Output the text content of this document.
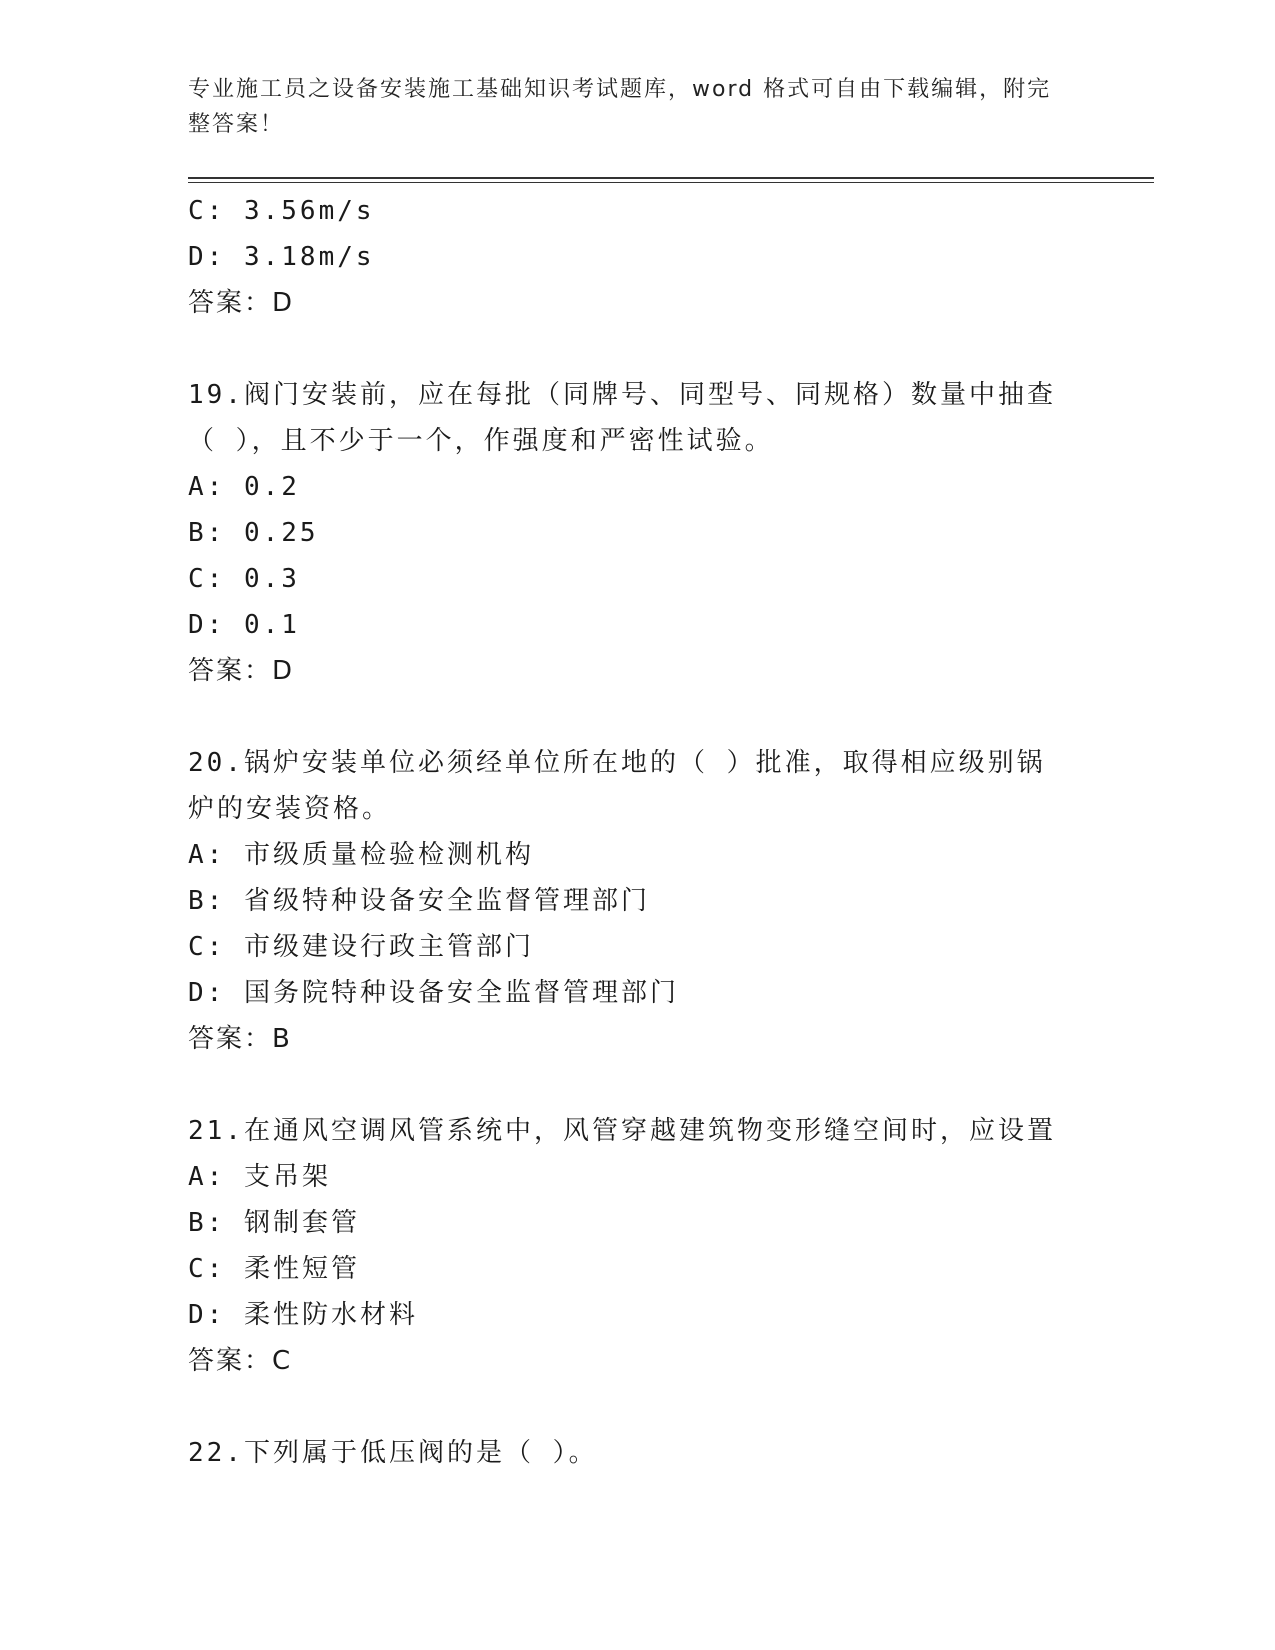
专业施工员之设备安装施工基础知识考试题库，word 格式可自由下载编辑，附完整答案！
C: 3.56m/s
D: 3.18m/s
答案：D
19.阀门安装前，应在每批（同牌号、同型号、同规格）数量中抽查（ ），且不少于一个，作强度和严密性试验。
A: 0.2
B: 0.25
C: 0.3
D: 0.1
答案：D
20.锅炉安装单位必须经单位所在地的（ ）批准，取得相应级别锅炉的安装资格。
A: 市级质量检验检测机构
B: 省级特种设备安全监督管理部门
C: 市级建设行政主管部门
D: 国务院特种设备安全监督管理部门
答案：B
21.在通风空调风管系统中，风管穿越建筑物变形缝空间时，应设置
A: 支吊架
B: 钢制套管
C: 柔性短管
D: 柔性防水材料
答案：C
22.下列属于低压阀的是（ ）。
